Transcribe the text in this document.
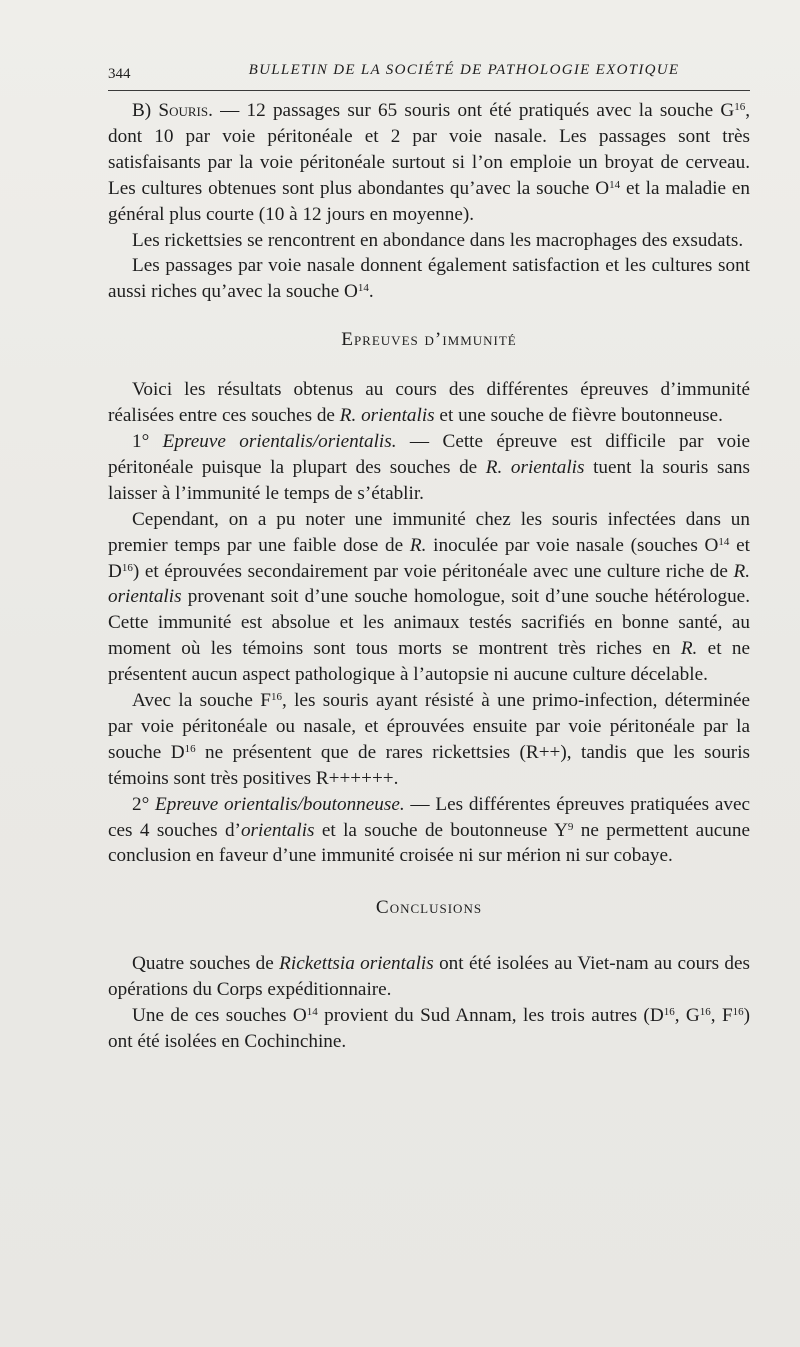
344	BULLETIN DE LA SOCIÉTÉ DE PATHOLOGIE EXOTIQUE

B) Souris. — 12 passages sur 65 souris ont été pratiqués avec la souche $G^{16}$, dont 10 par voie péritonéale et 2 par voie nasale. Les passages sont très satisfaisants par la voie péritonéale surtout si l’on emploie un broyat de cerveau. Les cultures obtenues sont plus abondantes qu’avec la souche $O^{14}$ et la maladie en général plus courte (10 à 12 jours en moyenne).

Les rickettsies se rencontrent en abondance dans les macrophages des exsudats.

Les passages par voie nasale donnent également satisfaction et les cultures sont aussi riches qu’avec la souche $O^{14}$.

Epreuves d’immunité

Voici les résultats obtenus au cours des différentes épreuves d’immunité réalisées entre ces souches de R. orientalis et une souche de fièvre boutonneuse.

1° Epreuve orientalis/orientalis. — Cette épreuve est difficile par voie péritonéale puisque la plupart des souches de R. orientalis tuent la souris sans laisser à l’immunité le temps de s’établir.

Cependant, on a pu noter une immunité chez les souris infectées dans un premier temps par une faible dose de R. inoculée par voie nasale (souches $O^{14}$ et $D^{16}$) et éprouvées secondairement par voie péritonéale avec une culture riche de R. orientalis provenant soit d’une souche homologue, soit d’une souche hétérologue. Cette immunité est absolue et les animaux testés sacrifiés en bonne santé, au moment où les témoins sont tous morts se montrent très riches en R. et ne présentent aucun aspect pathologique à l’autopsie ni aucune culture décelable.

Avec la souche $F^{16}$, les souris ayant résisté à une primo-infection, déterminée par voie péritonéale ou nasale, et éprouvées ensuite par voie péritonéale par la souche $D^{16}$ ne présentent que de rares rickettsies (R++), tandis que les souris témoins sont très positives R++++++.

2° Epreuve orientalis/boutonneuse. — Les différentes épreuves pratiquées avec ces 4 souches d’orientalis et la souche de boutonneuse $Y^9$ ne permettent aucune conclusion en faveur d’une immunité croisée ni sur mérion ni sur cobaye.

Conclusions

Quatre souches de Rickettsia orientalis ont été isolées au Viet-nam au cours des opérations du Corps expéditionnaire.

Une de ces souches $O^{14}$ provient du Sud Annam, les trois autres ($D^{16}$, $G^{16}$, $F^{16}$) ont été isolées en Cochinchine.
